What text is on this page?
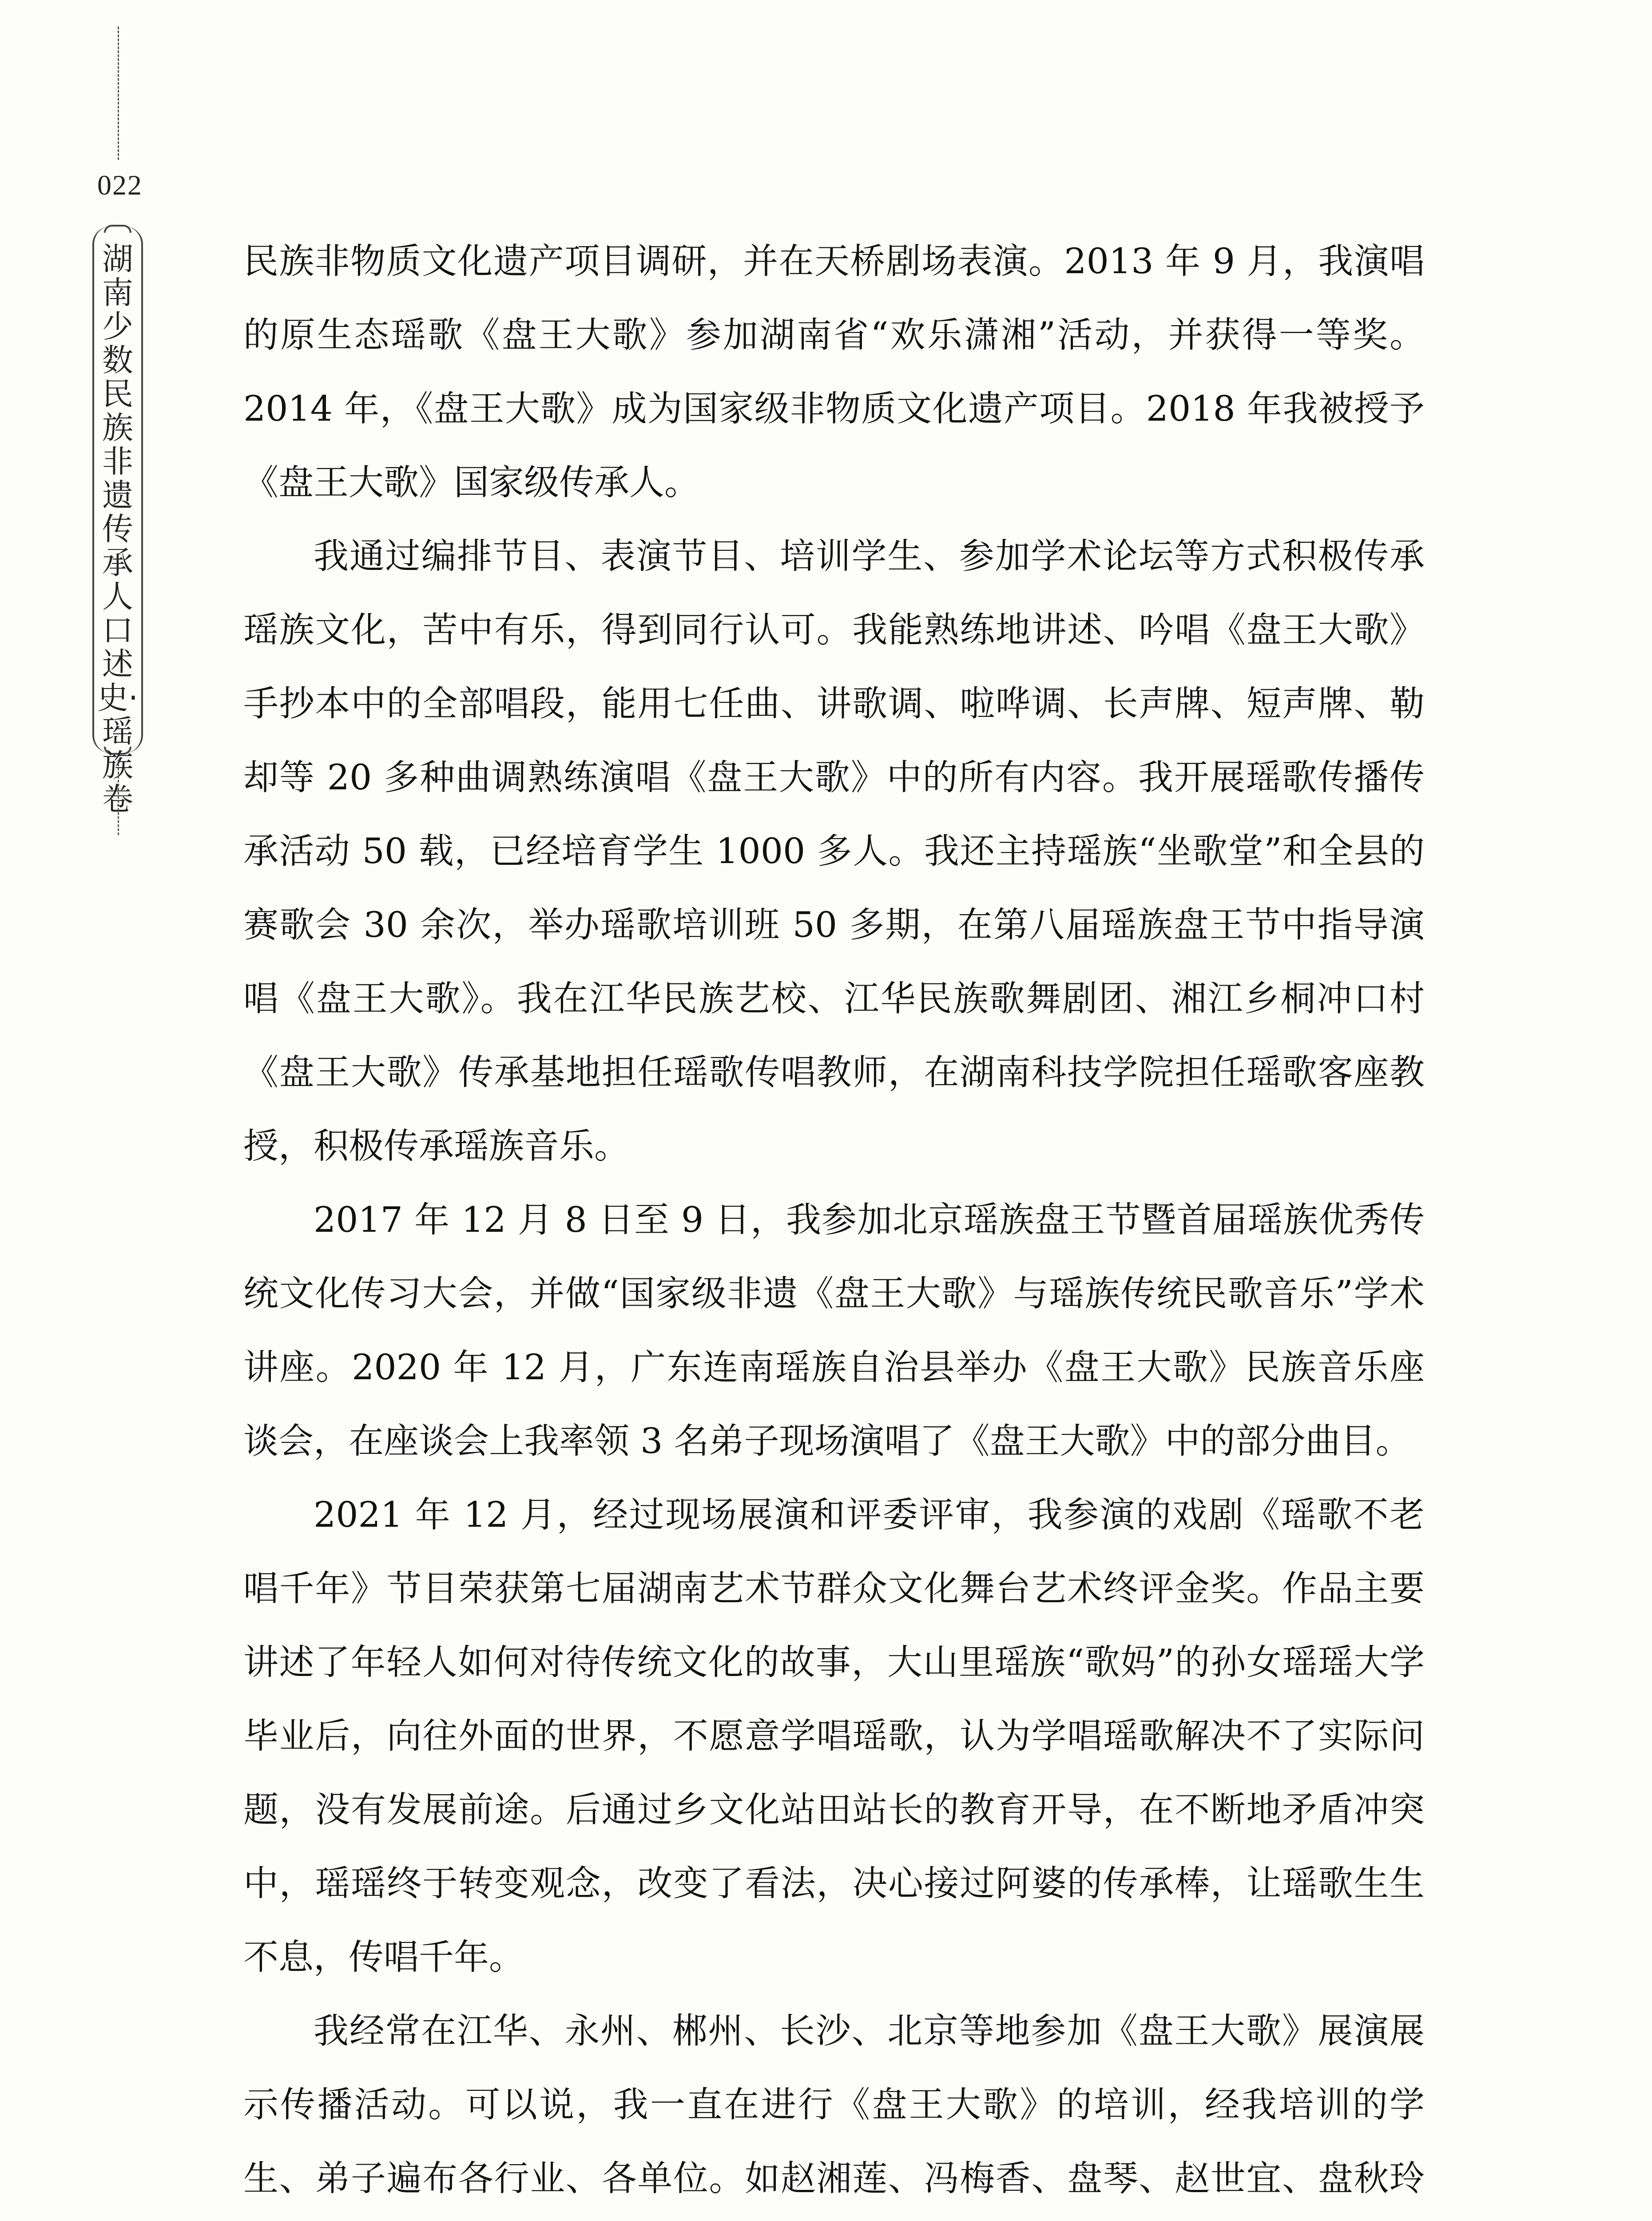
022
湖南少数民族非遗传承人口述史·瑶族卷

民族非物质文化遗产项目调研，并在天桥剧场表演。2013 年 9 月，我演唱的原生态瑶歌《盘王大歌》参加湖南省“欢乐潇湘”活动，并获得一等奖。2014 年，《盘王大歌》成为国家级非物质文化遗产项目。2018 年我被授予《盘王大歌》国家级传承人。

我通过编排节目、表演节目、培训学生、参加学术论坛等方式积极传承瑶族文化，苦中有乐，得到同行认可。我能熟练地讲述、吟唱《盘王大歌》手抄本中的全部唱段，能用七任曲、讲歌调、啦哗调、长声牌、短声牌、勒却等 20 多种曲调熟练演唱《盘王大歌》中的所有内容。我开展瑶歌传播传承活动 50 载，已经培育学生 1000 多人。我还主持瑶族“坐歌堂”和全县的赛歌会 30 余次，举办瑶歌培训班 50 多期，在第八届瑶族盘王节中指导演唱《盘王大歌》。我在江华民族艺校、江华民族歌舞剧团、湘江乡桐冲口村《盘王大歌》传承基地担任瑶歌传唱教师，在湖南科技学院担任瑶歌客座教授，积极传承瑶族音乐。

2017 年 12 月 8 日至 9 日，我参加北京瑶族盘王节暨首届瑶族优秀传统文化传习大会，并做“国家级非遗《盘王大歌》与瑶族传统民歌音乐”学术讲座。2020 年 12 月，广东连南瑶族自治县举办《盘王大歌》民族音乐座谈会，在座谈会上我率领 3 名弟子现场演唱了《盘王大歌》中的部分曲目。

2021 年 12 月，经过现场展演和评委评审，我参演的戏剧《瑶歌不老唱千年》节目荣获第七届湖南艺术节群众文化舞台艺术终评金奖。作品主要讲述了年轻人如何对待传统文化的故事，大山里瑶族“歌妈”的孙女瑶瑶大学毕业后，向往外面的世界，不愿意学唱瑶歌，认为学唱瑶歌解决不了实际问题，没有发展前途。后通过乡文化站田站长的教育开导，在不断地矛盾冲突中，瑶瑶终于转变观念，改变了看法，决心接过阿婆的传承棒，让瑶歌生生不息，传唱千年。

我经常在江华、永州、郴州、长沙、北京等地参加《盘王大歌》展演展示传播活动。可以说，我一直在进行《盘王大歌》的培训，经我培训的学生、弟子遍布各行业、各单位。如赵湘莲、冯梅香、盘琴、赵世宜、盘秋玲
